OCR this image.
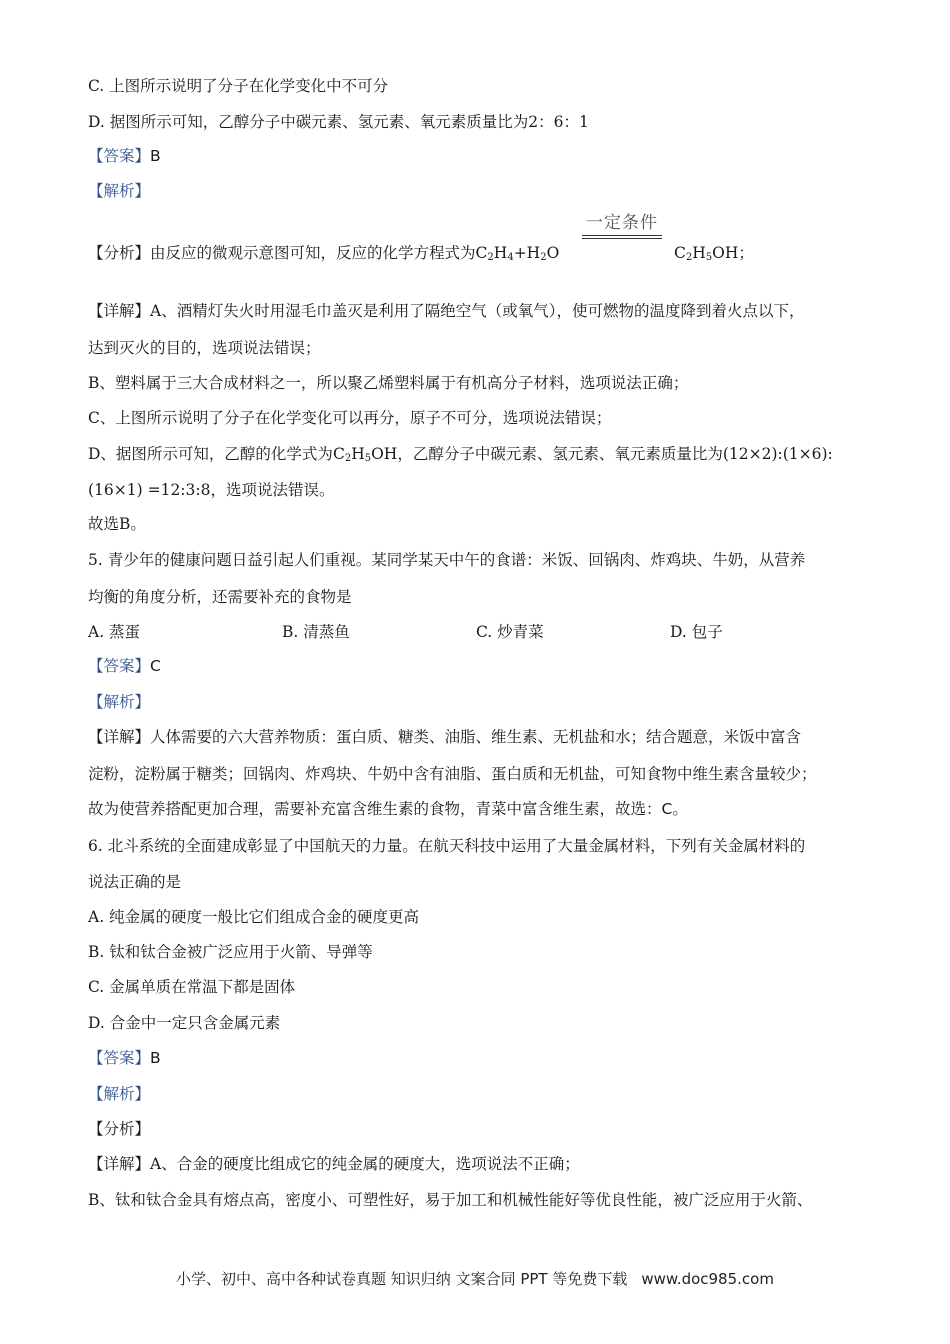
C. 上图所示说明了分子在化学变化中不可分
D. 据图所示可知，乙醇分子中碳元素、氢元素、氧元素质量比为2：6：1
【答案】B
【解析】
【分析】由反应的微观示意图可知，反应的化学方程式为$C_2H_4+H_2O$
一定条件
$C_2H_5OH$；
【详解】A、酒精灯失火时用湿毛巾盖灭是利用了隔绝空气（或氧气），使可燃物的温度降到着火点以下，
达到灭火的目的，选项说法错误；
B、塑料属于三大合成材料之一，所以聚乙烯塑料属于有机高分子材料，选项说法正确；
C、上图所示说明了分子在化学变化可以再分，原子不可分，选项说法错误；
D、据图所示可知，乙醇的化学式为$C_2H_5OH$，乙醇分子中碳元素、氢元素、氧元素质量比为(12×2):(1×6):
(16×1) =12:3:8，选项说法错误。
故选B。
5. 青少年的健康问题日益引起人们重视。某同学某天中午的食谱：米饭、回锅肉、炸鸡块、牛奶，从营养
均衡的角度分析，还需要补充的食物是
A. 蒸蛋	B. 清蒸鱼	C. 炒青菜	D. 包子
【答案】C
【解析】
【详解】人体需要的六大营养物质：蛋白质、糖类、油脂、维生素、无机盐和水；结合题意，米饭中富含
淀粉，淀粉属于糖类；回锅肉、炸鸡块、牛奶中含有油脂、蛋白质和无机盐，可知食物中维生素含量较少；
故为使营养搭配更加合理，需要补充富含维生素的食物，青菜中富含维生素，故选：C。
6. 北斗系统的全面建成彰显了中国航天的力量。在航天科技中运用了大量金属材料，下列有关金属材料的
说法正确的是
A. 纯金属的硬度一般比它们组成合金的硬度更高
B. 钛和钛合金被广泛应用于火箭、导弹等
C. 金属单质在常温下都是固体
D. 合金中一定只含金属元素
【答案】B
【解析】
【分析】
【详解】A、合金的硬度比组成它的纯金属的硬度大，选项说法不正确；
B、钛和钛合金具有熔点高，密度小、可塑性好，易于加工和机械性能好等优良性能，被广泛应用于火箭、
小学、初中、高中各种试卷真题 知识归纳 文案合同 PPT 等免费下载 www.doc985.com
